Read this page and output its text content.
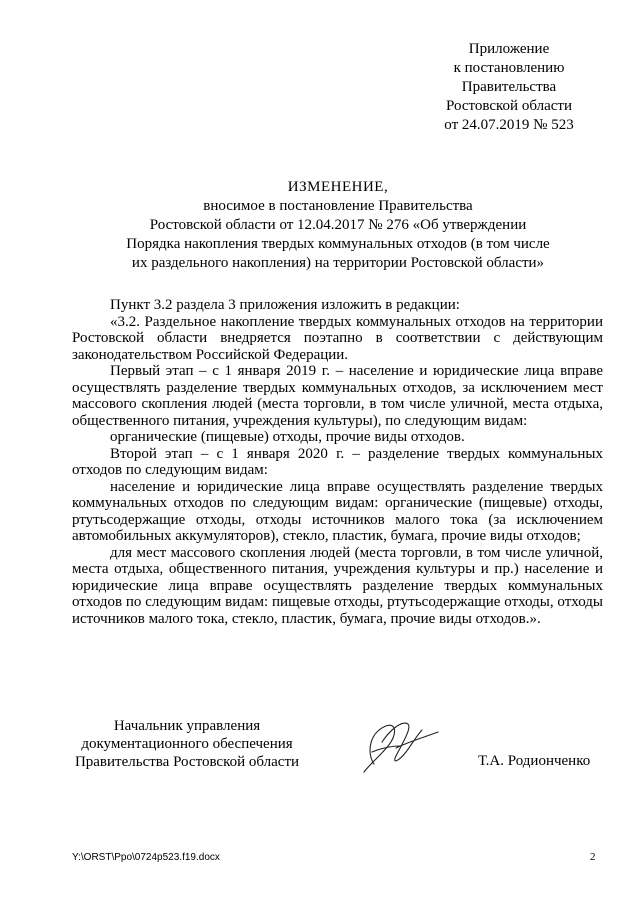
Приложение
к постановлению
Правительства
Ростовской области
от 24.07.2019 № 523
ИЗМЕНЕНИЕ,
вносимое в постановление Правительства
Ростовской области от 12.04.2017 № 276 «Об утверждении
Порядка накопления твердых коммунальных отходов (в том числе
их раздельного накопления) на территории Ростовской области»

Пункт 3.2 раздела 3 приложения изложить в редакции:

«3.2. Раздельное накопление твердых коммунальных отходов на территории Ростовской области внедряется поэтапно в соответствии с действующим законодательством Российской Федерации.

Первый этап – с 1 января 2019 г. – население и юридические лица вправе осуществлять разделение твердых коммунальных отходов, за исключением мест массового скопления людей (места торговли, в том числе уличной, места отдыха, общественного питания, учреждения культуры), по следующим видам:

органические (пищевые) отходы, прочие виды отходов.

Второй этап – с 1 января 2020 г. – разделение твердых коммунальных отходов по следующим видам:

население и юридические лица вправе осуществлять разделение твердых коммунальных отходов по следующим видам: органические (пищевые) отходы, ртутьсодержащие отходы, отходы источников малого тока (за исключением автомобильных аккумуляторов), стекло, пластик, бумага, прочие виды отходов;

для мест массового скопления людей (места торговли, в том числе уличной, места отдыха, общественного питания, учреждения культуры и пр.) население и юридические лица вправе осуществлять разделение твердых коммунальных отходов по следующим видам: пищевые отходы, ртутьсодержащие отходы, отходы источников малого тока, стекло, пластик, бумага, прочие виды отходов.».

Начальник управления
документационного обеспечения
Правительства Ростовской области	Т.А. Родионченко
Y:\ORST\Ppo\0724p523.f19.docx	2
